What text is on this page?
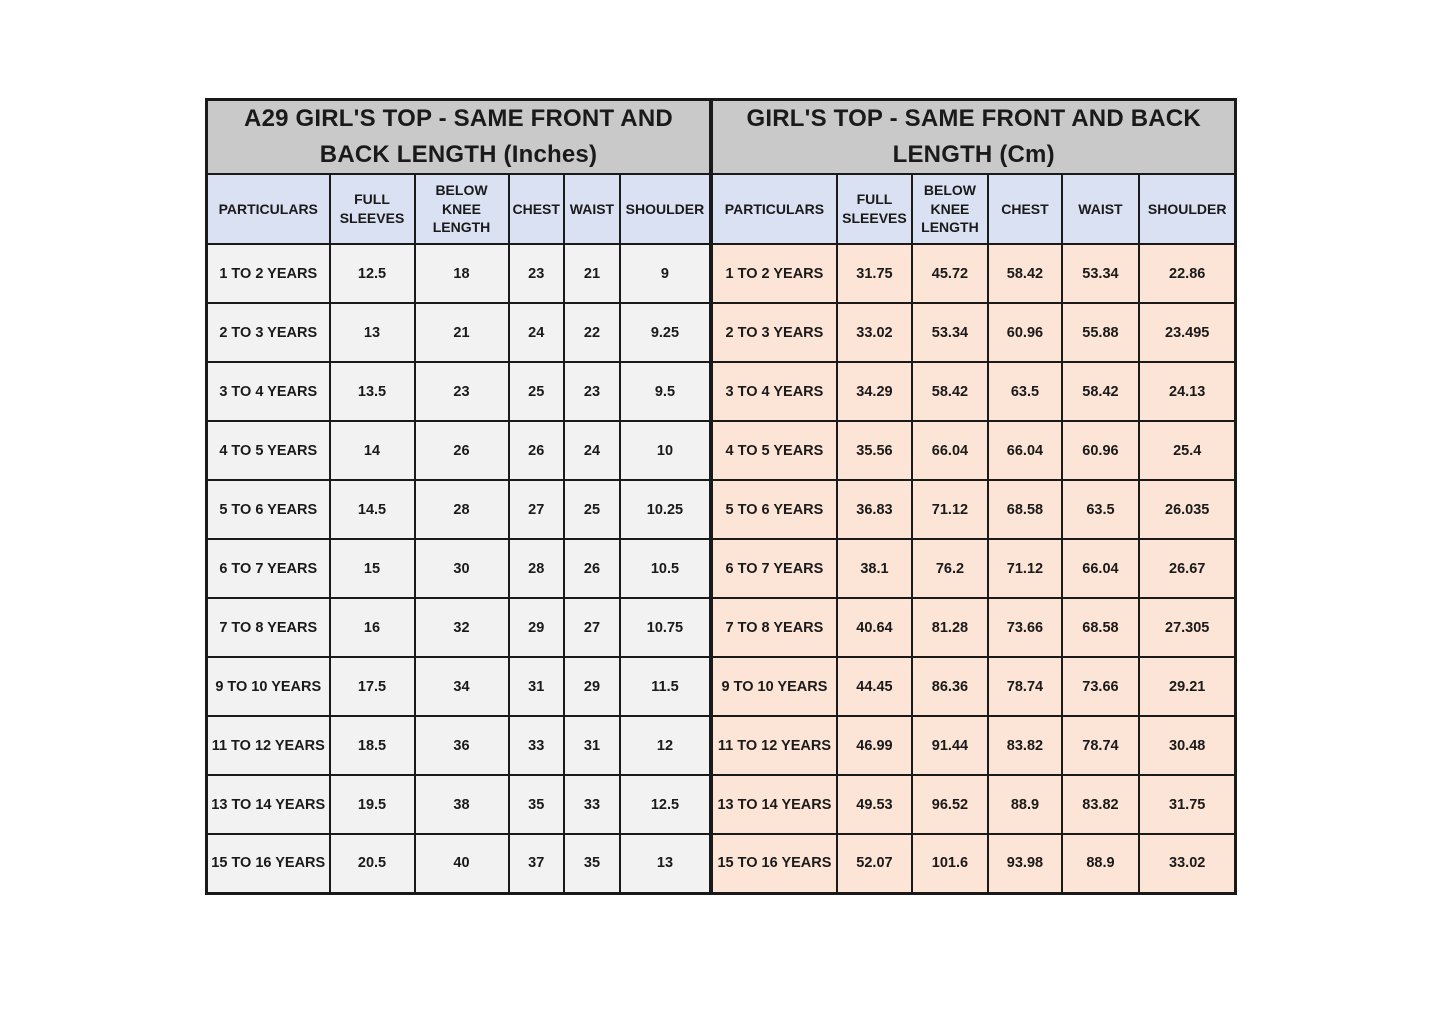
A29 GIRL'S TOP - SAME FRONT AND BACK LENGTH (Inches)					
PARTICULARS	FULL SLEEVES	BELOW KNEE LENGTH	CHEST	WAIST	SHOULDER
1 TO 2 YEARS	12.5	18	23	21	9
2 TO 3 YEARS	13	21	24	22	9.25
3 TO 4 YEARS	13.5	23	25	23	9.5
4 TO 5 YEARS	14	26	26	24	10
5 TO 6 YEARS	14.5	28	27	25	10.25
6 TO 7 YEARS	15	30	28	26	10.5
7 TO 8 YEARS	16	32	29	27	10.75
9 TO 10 YEARS	17.5	34	31	29	11.5
11 TO 12 YEARS	18.5	36	33	31	12
13 TO 14 YEARS	19.5	38	35	33	12.5
15 TO 16 YEARS	20.5	40	37	35	13
GIRL'S TOP - SAME FRONT AND BACK LENGTH (Cm)					
PARTICULARS	FULL SLEEVES	BELOW KNEE LENGTH	CHEST	WAIST	SHOULDER
1 TO 2 YEARS	31.75	45.72	58.42	53.34	22.86
2 TO 3 YEARS	33.02	53.34	60.96	55.88	23.495
3 TO 4 YEARS	34.29	58.42	63.5	58.42	24.13
4 TO 5 YEARS	35.56	66.04	66.04	60.96	25.4
5 TO 6 YEARS	36.83	71.12	68.58	63.5	26.035
6 TO 7 YEARS	38.1	76.2	71.12	66.04	26.67
7 TO 8 YEARS	40.64	81.28	73.66	68.58	27.305
9 TO 10 YEARS	44.45	86.36	78.74	73.66	29.21
11 TO 12 YEARS	46.99	91.44	83.82	78.74	30.48
13 TO 14 YEARS	49.53	96.52	88.9	83.82	31.75
15 TO 16 YEARS	52.07	101.6	93.98	88.9	33.02
